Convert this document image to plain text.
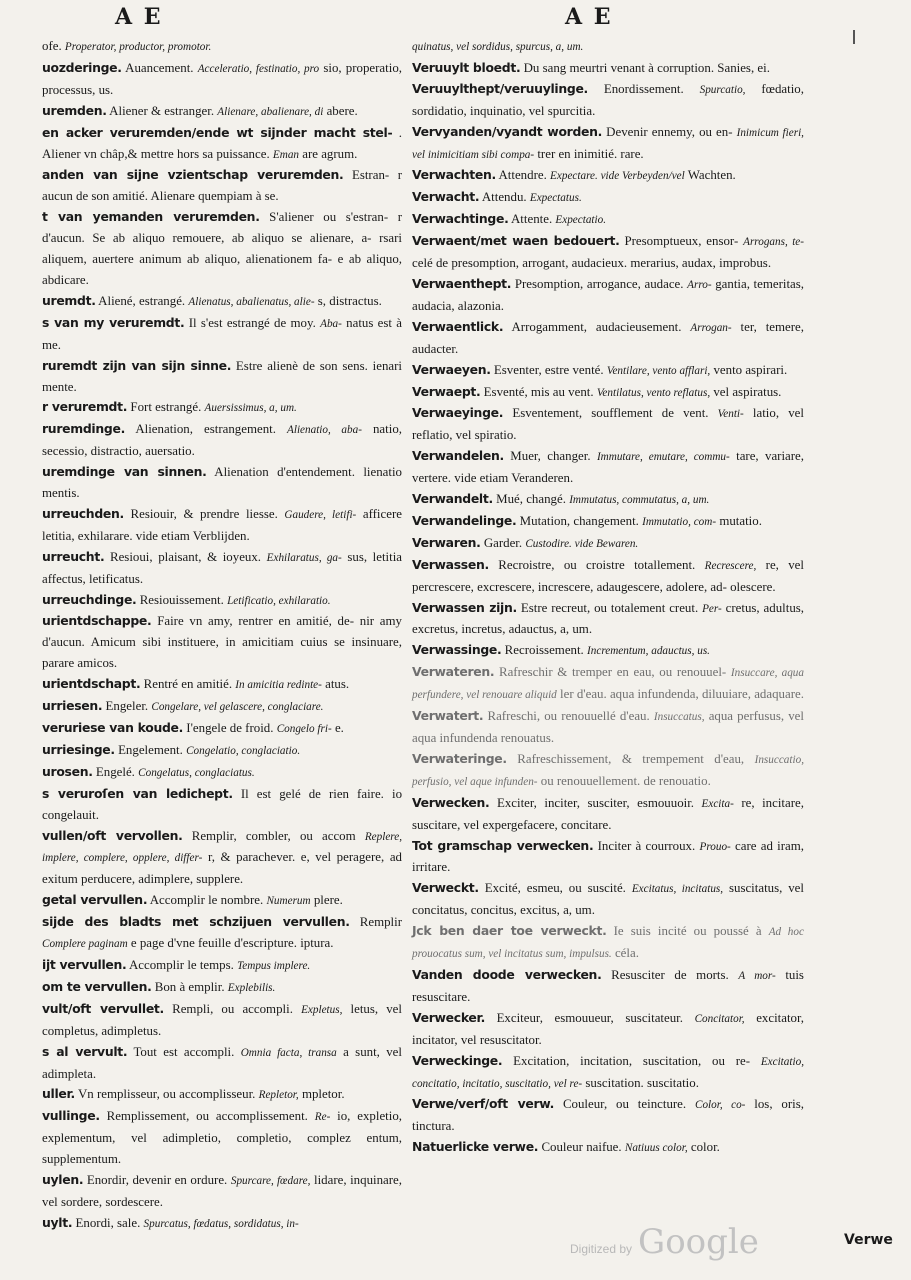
A E	A E

ofe. Properator, productor, promotor.

uozderinge. Auancement. Acceleratio, festinatio, pro sio, properatio, processus, us.

uremden. Aliener & estranger. Alienare, abalienare, di abere.

en acker veruremden/ende wt sijnder macht stel- . Aliener vn châp,& mettre hors sa puissance. Eman are agrum.

anden van sijne vzientschap veruremden. Estran- r aucun de son amitié. Alienare quempiam à se.

t van yemanden veruremden. S'aliener ou s'estran- r d'aucun. Se ab aliquo remouere, ab aliquo se alienare, a- rsari aliquem, auertere animum ab aliquo, alienationem fa- e ab aliquo, abdicare.

uremdt. Aliené, estrangé. Alienatus, abalienatus, alie- s, distractus.

s van my veruremdt. Il s'est estrangé de moy. Aba- natus est à me.

ruremdt zijn van sijn sinne. Estre alienè de son sens. ienari mente.

r veruremdt. Fort estrangé. Auersissimus, a, um.

ruremdinge. Alienation, estrangement. Alienatio, aba- natio, secessio, distractio, auersatio.

uremdinge van sinnen. Alienation d'entendement. lienatio mentis.

urreuchden. Resiouir, & prendre liesse. Gaudere, letifi- afficere letitia, exhilarare. vide etiam Verblijden.

urreucht. Resioui, plaisant, & ioyeux. Exhilaratus, ga- sus, letitia affectus, letificatus.

urreuchdinge. Resiouissement. Letificatio, exhilaratio.

urientdschappe. Faire vn amy, rentrer en amitié, de- nir amy d'aucun. Amicum sibi instituere, in amicitiam cuius se insinuare, parare amicos.

urientdschapt. Rentré en amitié. In amicitia redinte- atus.

urriesen. Engeler. Congelare, vel gelascere, conglaciare.

veruriese van koude. I'engele de froid. Congelo fri- e.

urriesinge. Engelement. Congelatio, conglaciatio.

urosen. Engelé. Congelatus, conglaciatus.

s veruroſen van ledichept. Il est gelé de rien faire. io congelauit.

vullen/oft vervollen. Remplir, combler, ou accom Replere, implere, complere, opplere, differ- r, & parachever. e, vel peragere, ad exitum perducere, adimplere, supplere.

getal vervullen. Accomplir le nombre. Numerum plere.

sijde des bladts met schzijuen vervullen. Remplir Complere paginam e page d'vne feuille d'escripture. iptura.

ijt vervullen. Accomplir le temps. Tempus implere.

om te vervullen. Bon à emplir. Explebilis.

vult/oft vervullet. Rempli, ou accompli. Expletus, letus, vel completus, adimpletus.

s al vervult. Tout est accompli. Omnia facta, transa a sunt, vel adimpleta.

uller. Vn remplisseur, ou accomplisseur. Repletor, mpletor.

vullinge. Remplissement, ou accomplissement. Re- io, expletio, explementum, vel adimpletio, completio, complez entum, supplementum.

uylen. Enordir, devenir en ordure. Spurcare, fœdare, lidare, inquinare, vel sordere, sordescere.

uylt. Enordi, sale. Spurcatus, fœdatus, sordidatus, in-

quinatus, vel sordidus, spurcus, a, um.

Veruuylt bloedt. Du sang meurtri venant à corruption. Sanies, ei.

Veruuylthept/veruuylinge. Enordissement. Spurcatio, fœdatio, sordidatio, inquinatio, vel spurcitia.

Vervyanden/vyandt worden. Devenir ennemy, ou en- Inimicum fieri, vel inimicitiam sibi compa- trer en inimitié. rare.

Verwachten. Attendre. Expectare. vide Verbeyden/vel Wachten.

Verwacht. Attendu. Expectatus.

Verwachtinge. Attente. Expectatio.

Verwaent/met waen bedouert. Presomptueux, ensor- Arrogans, te- celé de presomption, arrogant, audacieux. merarius, audax, improbus.

Verwaenthept. Presomption, arrogance, audace. Arro- gantia, temeritas, audacia, alazonia.

Verwaentlick. Arrogamment, audacieusement. Arrogan- ter, temere, audacter.

Verwaeyen. Esventer, estre venté. Ventilare, vento afflari, vento aspirari.

Verwaept. Esventé, mis au vent. Ventilatus, vento reflatus, vel aspiratus.

Verwaeyinge. Esventement, soufflement de vent. Venti- latio, vel reflatio, vel spiratio.

Verwandelen. Muer, changer. Immutare, emutare, commu- tare, variare, vertere. vide etiam Veranderen.

Verwandelt. Mué, changé. Immutatus, commutatus, a, um.

Verwandelinge. Mutation, changement. Immutatio, com- mutatio.

Verwaren. Garder. Custodire. vide Bewaren.

Verwassen. Recroistre, ou croistre totallement. Recrescere, re, vel percrescere, excrescere, increscere, adaugescere, adolere, ad- olescere.

Verwassen zijn. Estre recreut, ou totalement creut. Per- cretus, adultus, excretus, incretus, adauctus, a, um.

Verwassinge. Recroissement. Incrementum, adauctus, us.

Verwateren. Rafreschir & tremper en eau, ou renouuel- Insuccare, aqua perfundere, vel renouare aliquid ler d'eau. aqua infundenda, diluuiare, adaquare.

Verwatert. Rafreschi, ou renouuellé d'eau. Insuccatus, aqua perfusus, vel aqua infundenda renouatus.

Verwateringe. Rafreschissement, & trempement d'eau, Insuccatio, perfusio, vel aque infunden- ou renouuellement. de renouatio.

Verwecken. Exciter, inciter, susciter, esmouuoir. Excita- re, incitare, suscitare, vel expergefacere, concitare.

Tot gramschap verwecken. Inciter à courroux. Prouo- care ad iram, irritare.

Verweckt. Excité, esmeu, ou suscité. Excitatus, incitatus, suscitatus, vel concitatus, concitus, excitus, a, um.

Jck ben daer toe verweckt. Ie suis incité ou poussé à Ad hoc prouocatus sum, vel incitatus sum, impulsus. céla.

Vanden doode verwecken. Resusciter de morts. A mor- tuis resuscitare.

Verwecker. Exciteur, esmouueur, suscitateur. Concitator, excitator, incitator, vel resuscitator.

Verweckinge. Excitation, incitation, suscitation, ou re- Excitatio, concitatio, incitatio, suscitatio, vel re- suscitation. suscitatio.

Verwe/verf/oft verw. Couleur, ou teincture. Color, co- los, oris, tinctura.

Natuerlicke verwe. Couleur naifue. Natiuus color, color.

Digitized by Google	Verwe
